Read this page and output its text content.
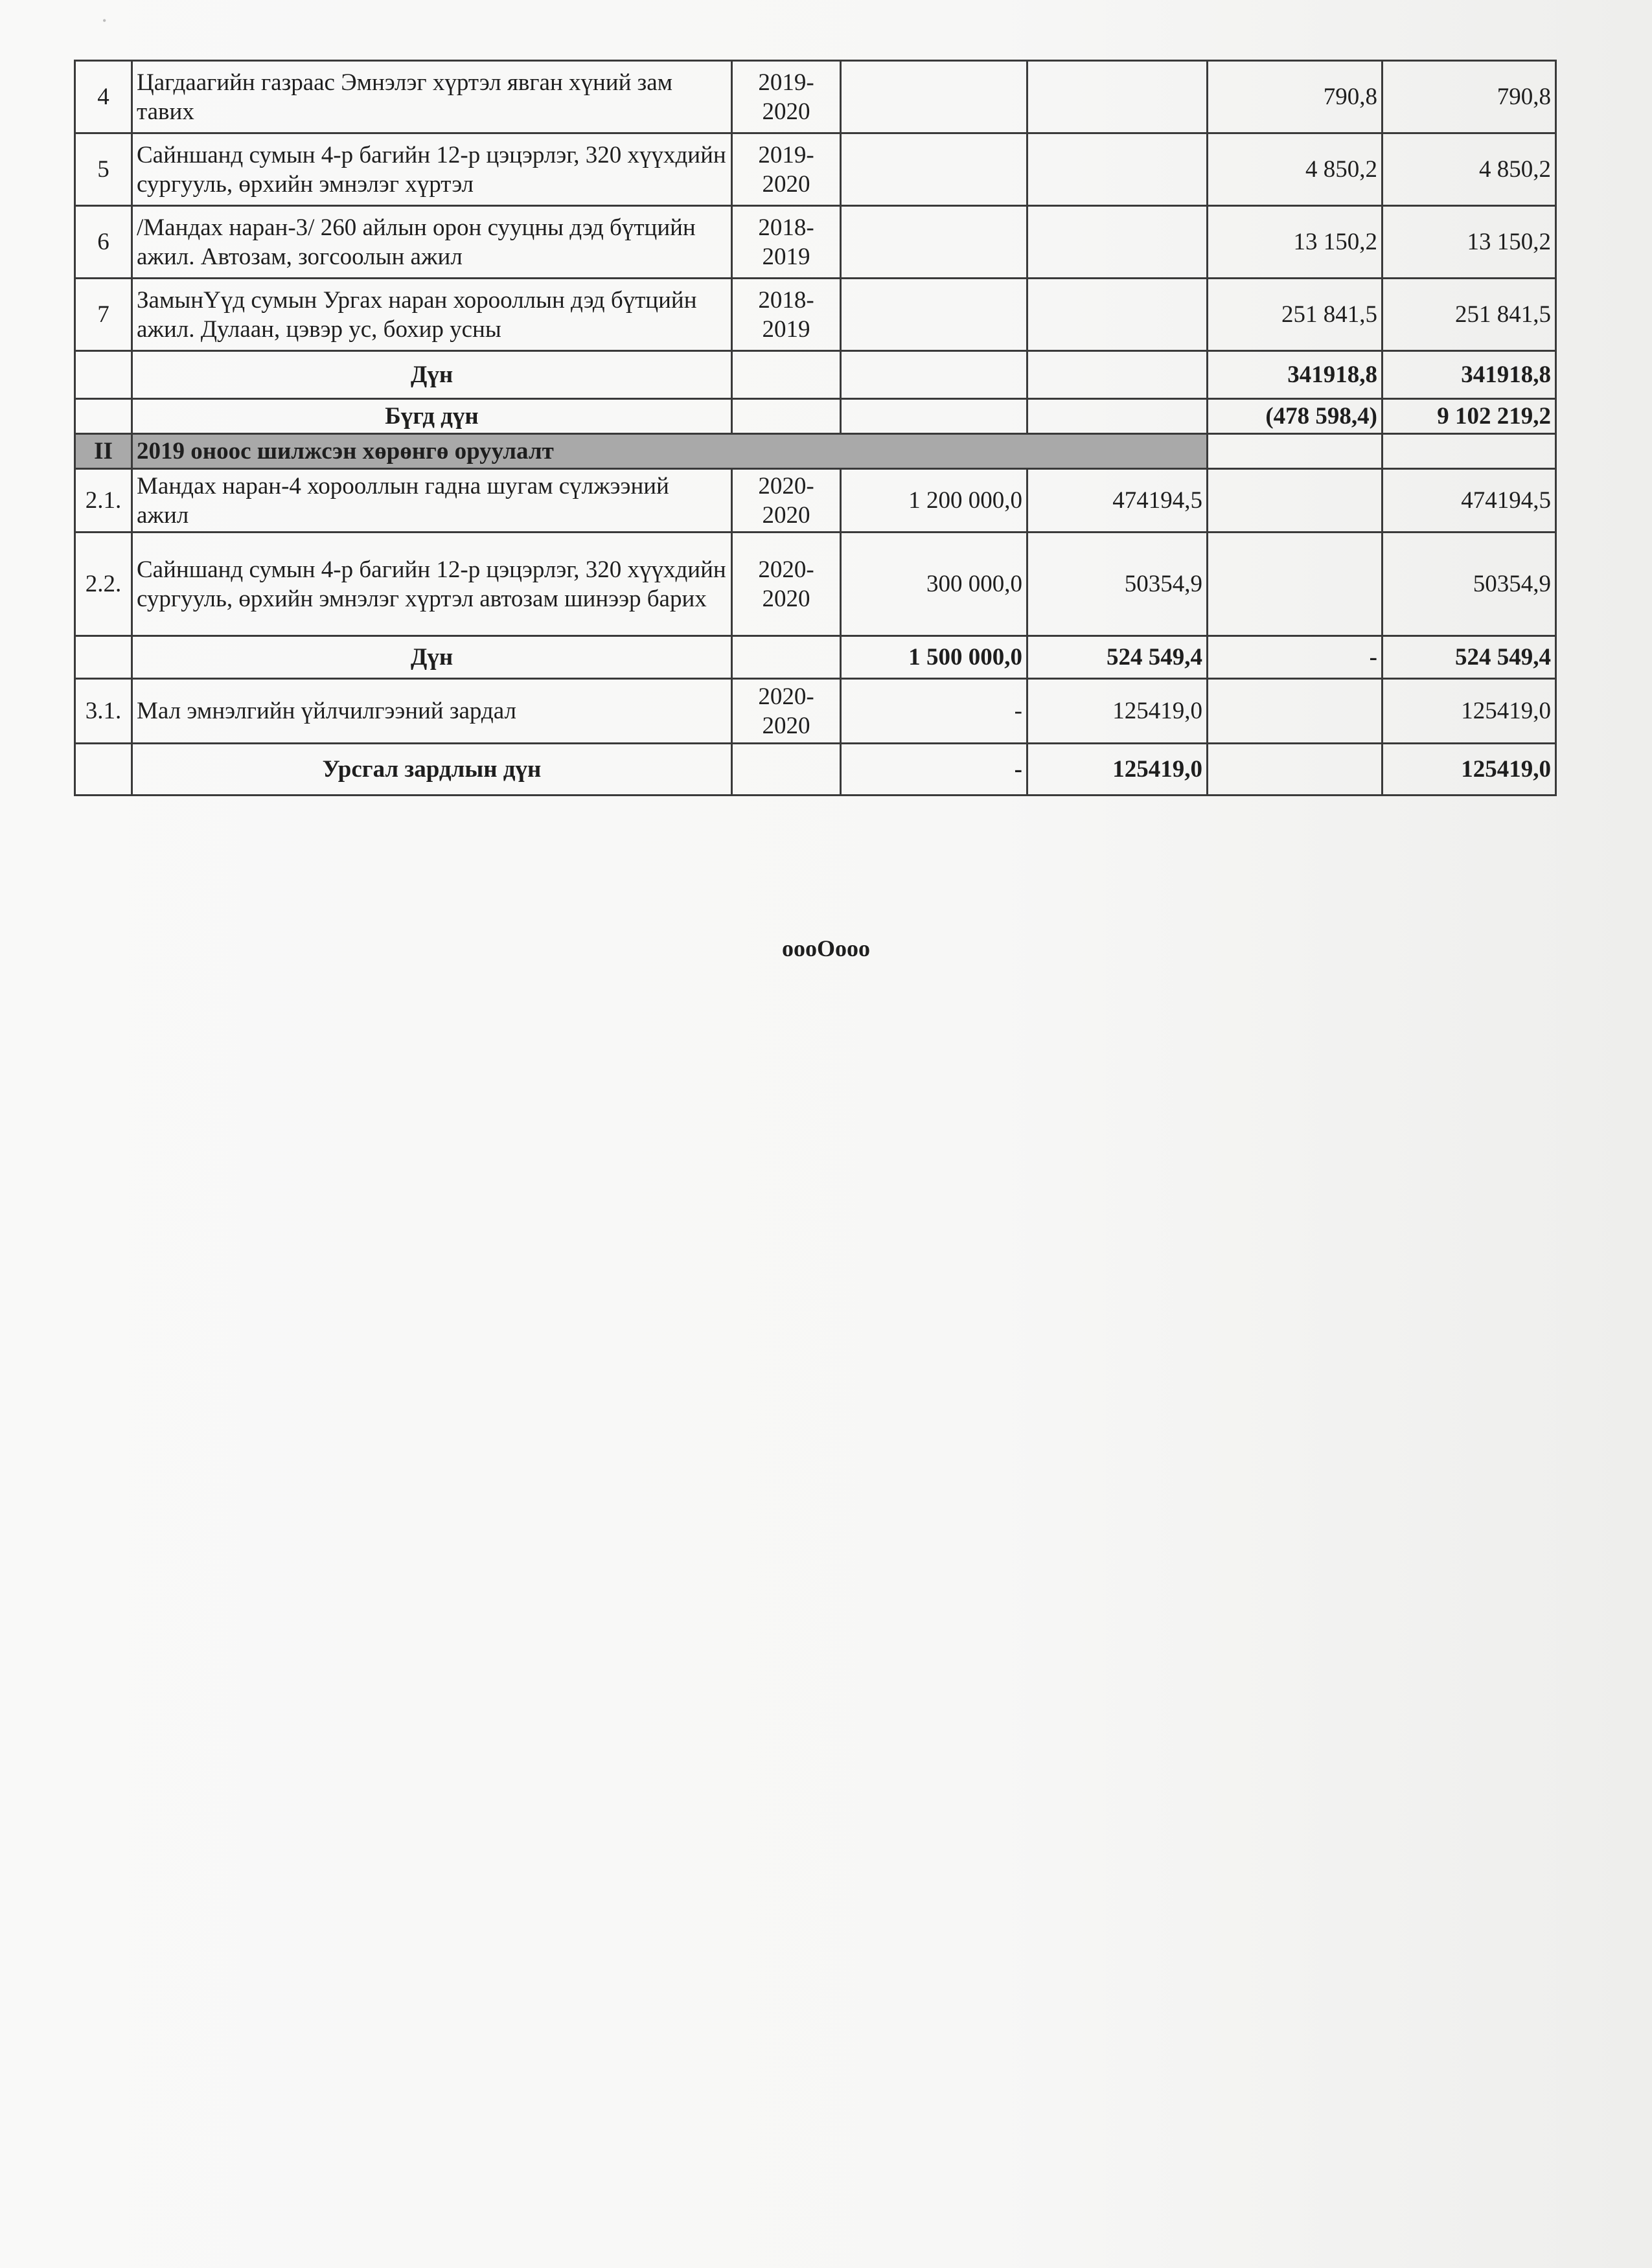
•
4	Цагдаагийн газраас Эмнэлэг хүртэл явган хүний зам тавих	2019-
2020			790,8	790,8
5	Сайншанд сумын 4-р багийн 12-р цэцэрлэг, 320 хүүхдийн сургууль, өрхийн эмнэлэг хүртэл	2019-
2020			4 850,2	4 850,2
6	/Мандах наран-3/ 260 айлын орон сууцны дэд бүтцийн ажил. Автозам, зогсоолын ажил	2018-
2019			13 150,2	13 150,2
7	ЗамынҮүд сумын Ургах наран хорооллын дэд бүтцийн ажил. Дулаан, цэвэр ус, бохир усны	2018-
2019			251 841,5	251 841,5
	Дүн				341918,8	341918,8
	Бүгд дүн				(478 598,4)	9 102 219,2
II	2019 оноос шилжсэн хөрөнгө оруулалт					
2.1.	Мандах наран-4 хорооллын гадна шугам сүлжээний ажил	2020-
2020	1 200 000,0	474194,5		474194,5
2.2.	Сайншанд сумын 4-р багийн 12-р цэцэрлэг, 320 хүүхдийн сургууль, өрхийн эмнэлэг хүртэл автозам шинээр барих	2020-
2020	300 000,0	50354,9		50354,9
	Дүн		1 500 000,0	524 549,4	-	524 549,4
3.1.	Мал эмнэлгийн үйлчилгээний зардал	2020-
2020	-	125419,0		125419,0
	Урсгал зардлын дүн		-	125419,0		125419,0
oooOooo
